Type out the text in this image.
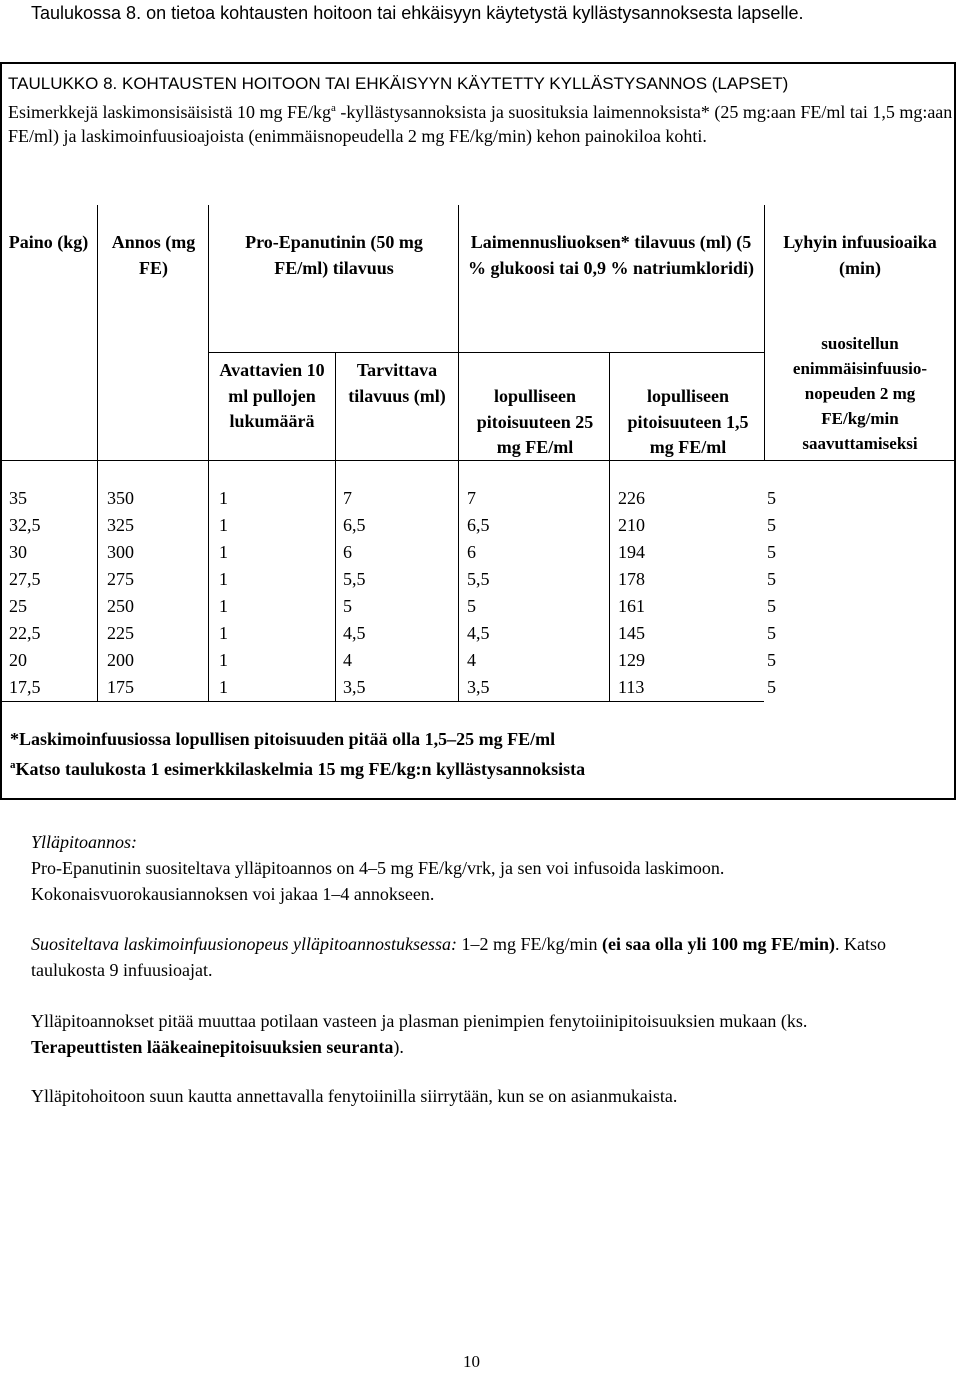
Taulukossa 8. on tietoa kohtausten hoitoon tai ehkäisyyn käytetystä kyllästysannoksesta lapselle.
TAULUKKO 8. KOHTAUSTEN HOITOON TAI EHKÄISYYN KÄYTETTY KYLLÄSTYSANNOS (LAPSET)
Esimerkkejä laskimonsisäisistä 10 mg $FE/kg^a$ -kyllästysannoksista ja suosituksia laimennoksista* (25 mg:aan FE/ml tai 1,5 mg:aan FE/ml) ja laskimoinfuusioajoista (enimmäisnopeudella 2 mg FE/kg/min) kehon painokiloa kohti.
Paino (kg)	Annos (mg FE)
Pro-Epanutinin (50 mg FE/ml) tilavuus
Avattavien 10 ml pullojen lukumäärä
Tarvittava tilavuus (ml)
Laimennusliuoksen* tilavuus (ml) (5 % glukoosi tai 0,9 % natriumkloridi)
lopulliseen pitoisuuteen 25 mg FE/ml
lopulliseen pitoisuuteen 1,5 mg FE/ml
Lyhyin infuusioaika (min)
suositellun enimmäisinfuusio-nopeuden 2 mg FE/kg/min saavuttamiseksi
35	350	1	7	7	226	5
32,5	325	1	6,5	6,5	210	5
30	300	1	6	6	194	5
27,5	275	1	5,5	5,5	178	5
25	250	1	5	5	161	5
22,5	225	1	4,5	4,5	145	5
20	200	1	4	4	129	5
17,5	175	1	3,5	3,5	113	5
*Laskimoinfuusiossa lopullisen pitoisuuden pitää olla 1,5–25 mg FE/ml
$^a$Katso taulukosta 1 esimerkkilaskelmia 15 mg FE/kg:n kyllästysannoksista
Ylläpitoannos:
Pro-Epanutinin suositeltava ylläpitoannos on 4–5 mg FE/kg/vrk, ja sen voi infusoida laskimoon. Kokonaisvuorokausiannoksen voi jakaa 1–4 annokseen.
Suositeltava laskimoinfuusionopeus ylläpitoannostuksessa: 1–2 mg FE/kg/min (ei saa olla yli 100 mg FE/min). Katso taulukosta 9 infuusioajat.
Ylläpitoannokset pitää muuttaa potilaan vasteen ja plasman pienimpien fenytoiinipitoisuuksien mukaan (ks. Terapeuttisten lääkeainepitoisuuksien seuranta).
Ylläpitohoitoon suun kautta annettavalla fenytoiinilla siirrytään, kun se on asianmukaista.
10
